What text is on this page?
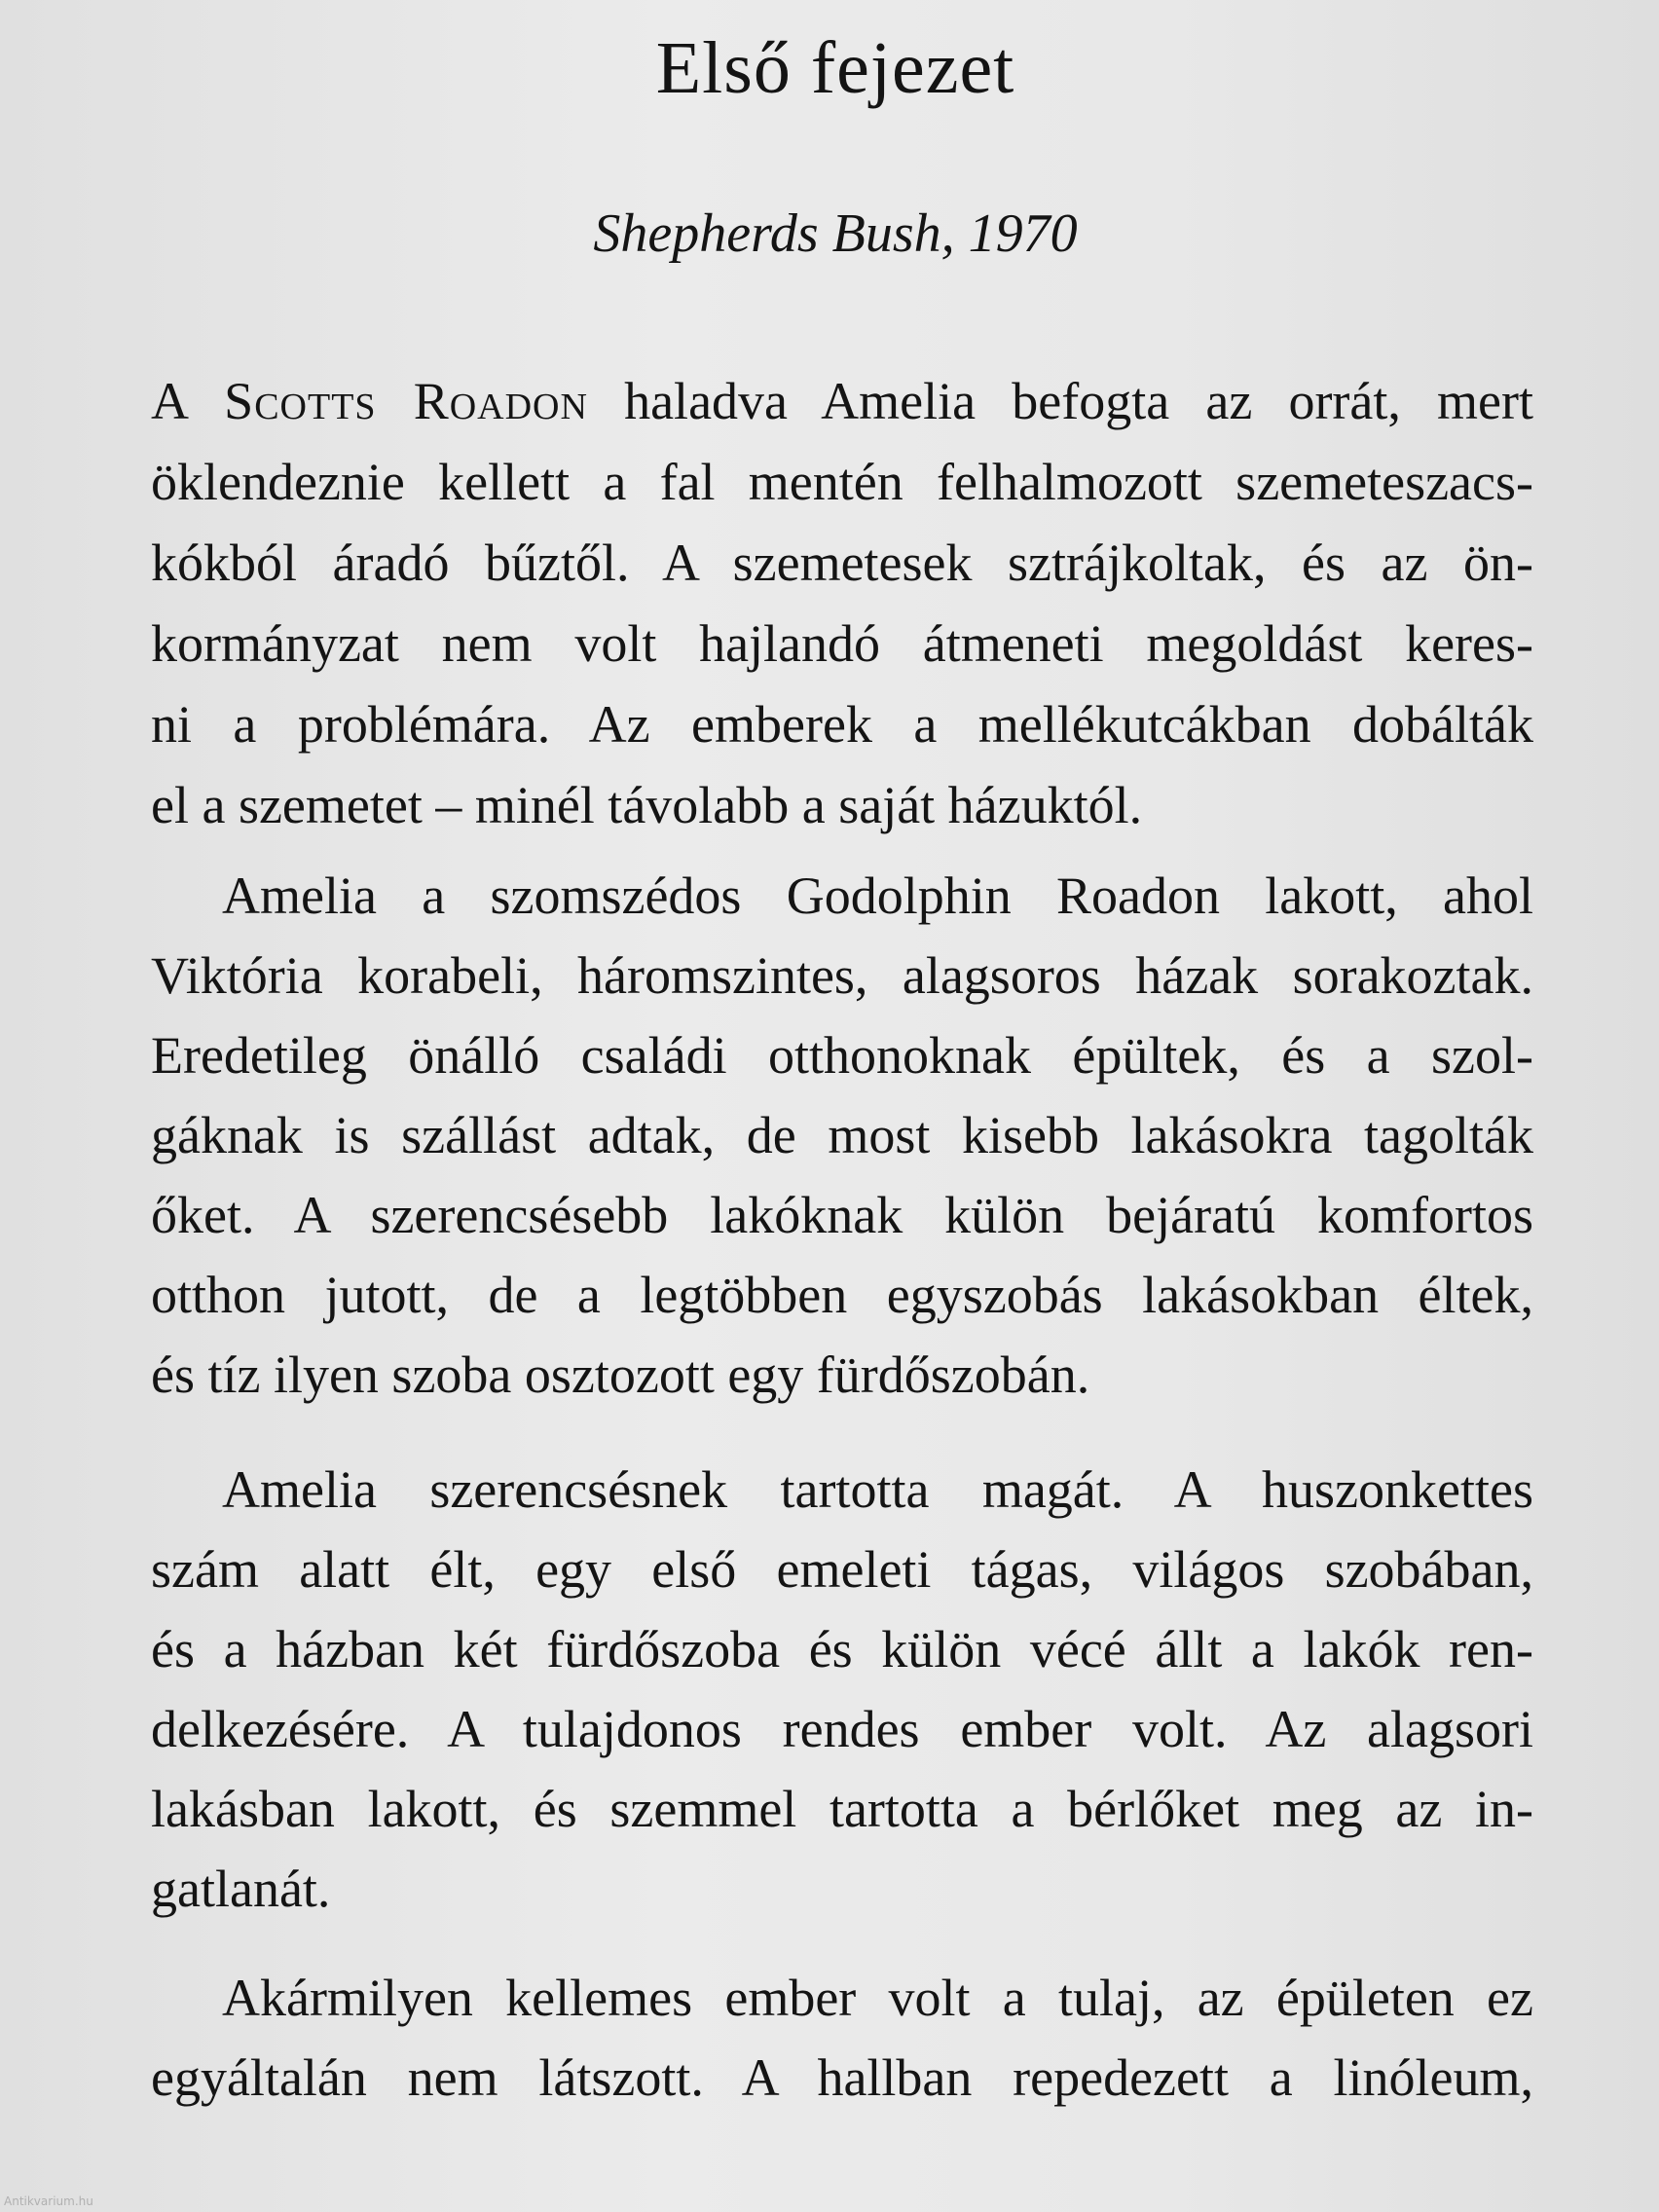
Első fejezet
Shepherds Bush, 1970
A Scotts Roadon haladva Amelia befogta az orrát, mert
öklendeznie kellett a fal mentén felhalmozott szemeteszacs-
kókból áradó bűztől. A szemetesek sztrájkoltak, és az ön-
kormányzat nem volt hajlandó átmeneti megoldást keres-
ni a problémára. Az emberek a mellékutcákban dobálták
el a szemetet – minél távolabb a saját házuktól.
Amelia a szomszédos Godolphin Roadon lakott, ahol
Viktória korabeli, háromszintes, alagsoros házak sorakoztak.
Eredetileg önálló családi otthonoknak épültek, és a szol-
gáknak is szállást adtak, de most kisebb lakásokra tagolták
őket. A szerencsésebb lakóknak külön bejáratú komfortos
otthon jutott, de a legtöbben egyszobás lakásokban éltek,
és tíz ilyen szoba osztozott egy fürdőszobán.
Amelia szerencsésnek tartotta magát. A huszonkettes
szám alatt élt, egy első emeleti tágas, világos szobában,
és a házban két fürdőszoba és külön vécé állt a lakók ren-
delkezésére. A tulajdonos rendes ember volt. Az alagsori
lakásban lakott, és szemmel tartotta a bérlőket meg az in-
gatlanát.
Akármilyen kellemes ember volt a tulaj, az épületen ez
egyáltalán nem látszott. A hallban repedezett a linóleum,
Antikvarium.hu
